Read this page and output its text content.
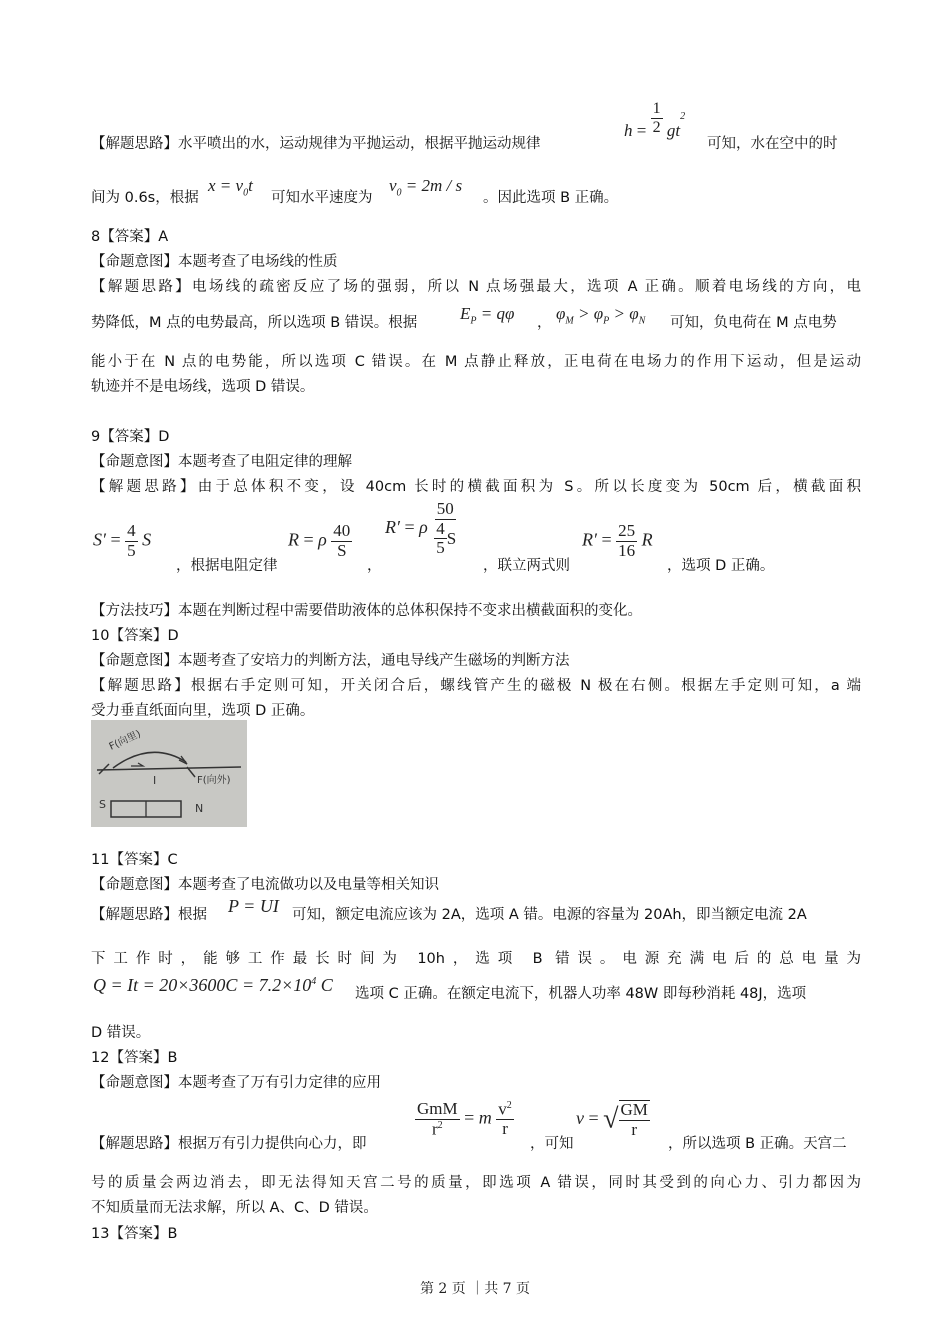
$h = \frac{1}{2} gt^2$
【解题思路】水平喷出的水，运动规律为平抛运动，根据平抛运动规律	可知，水在空中的时
间为 0.6s，根据
$x = v_0t$
可知水平速度为
$v_0 = 2m / s$
。因此选项 B 正确。
8【答案】A
【命题意图】本题考查了电场线的性质
【解题思路】电场线的疏密反应了场的强弱，所以 N 点场强最大，选项 A 正确。顺着电场线的方向，电
势降低，M 点的电势最高，所以选项 B 错误。根据	$E_P = q\varphi$ ， $\varphi_M > \varphi_P > \varphi_N$ 可知，负电荷在 M 点电势
能小于在 N 点的电势能，所以选项 C 错误。在 M 点静止释放，正电荷在电场力的作用下运动，但是运动
轨迹并不是电场线，选项 D 错误。
9【答案】D
【命题意图】本题考查了电阻定律的理解
【解题思路】由于总体积不变，设 40cm 长时的横截面积为 S。所以长度变为 50cm 后，横截面积
$S' = \frac{4}{5}$ S
，根据电阻定律
R = ρ $\frac{40}{S}$
，
R′ = ρ $\frac{50}{\frac{4}{5} S}$
，联立两式则
$R' = \frac{25}{16}$ R
，选项 D 正确。
【方法技巧】本题在判断过程中需要借助液体的总体积保持不变求出横截面积的变化。
10【答案】D
【命题意图】本题考查了安培力的判断方法，通电导线产生磁场的判断方法
【解题思路】根据右手定则可知，开关闭合后，螺线管产生的磁极 N 极在右侧。根据左手定则可知，a 端
受力垂直纸面向里，选项 D 正确。
F(向里)
I	F(向外)
S	N
11【答案】C
【命题意图】本题考查了电流做功以及电量等相关知识
【解题思路】根据 P = UI 可知，额定电流应该为 2A，选项 A 错。电源的容量为 20Ah，即当额定电流 2A
下工作时，能够工作最长时间为 10h，选项 B 错误。电源充满电后的总电量为
$Q = It = 20\times 3600C = 7.2\times 10^4$ C 选项 C 正确。在额定电流下，机器人功率 48W 即每秒消耗 48J，选项
D 错误。
12【答案】B
【命题意图】本题考查了万有引力定律的应用
【解题思路】根据万有引力提供向心力，即
$\frac{\text{GmM}}{r^2} = m \frac{v^2}{r}$
，可知
v = √ $\frac{GM}{r}$
，所以选项 B 正确。天宫二
号的质量会两边消去，即无法得知天宫二号的质量，即选项 A 错误，同时其受到的向心力、引力都因为
不知质量而无法求解，所以 A、C、D 错误。
13【答案】B
第 2 页 ｜共 7 页
